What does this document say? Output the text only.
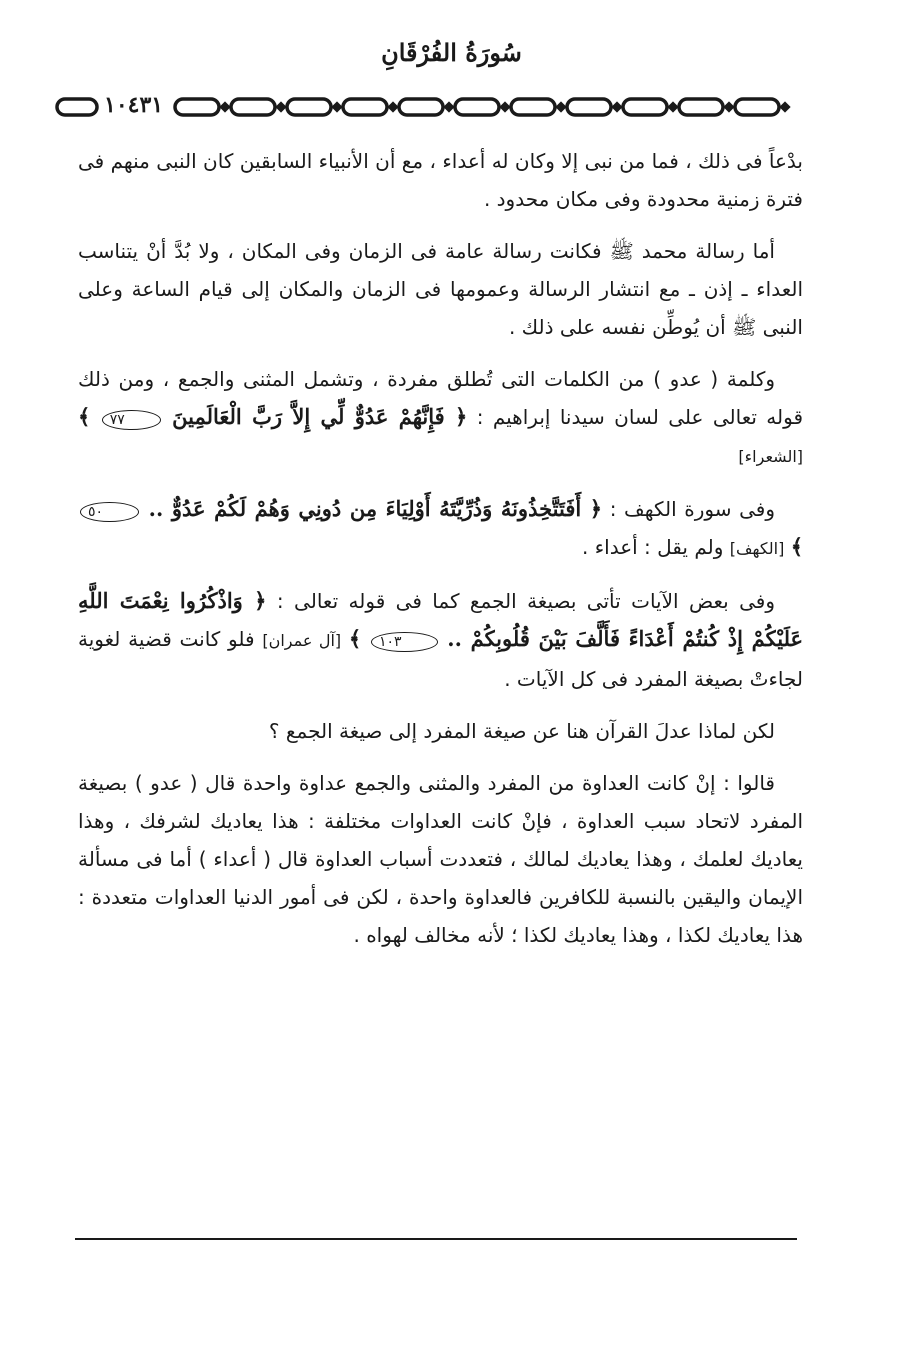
سُورَةُ الفُرْقَانِ
١٠٤٣١

بدْعاً فى ذلك ، فما من نبى إلا وكان له أعداء ، مع أن الأنبياء السابقين كان النبى منهم فى فترة زمنية محدودة وفى مكان محدود .

أما رسالة محمد ﷺ فكانت رسالة عامة فى الزمان وفى المكان ، ولا بُدَّ أنْ يتناسب العداء ـ إذن ـ مع انتشار الرسالة وعمومها فى الزمان والمكان إلى قيام الساعة وعلى النبى ﷺ أن يُوطِّن نفسه على ذلك .

وكلمة ( عدو ) من الكلمات التى تُطلق مفردة ، وتشمل المثنى والجمع ، ومن ذلك قوله تعالى على لسان سيدنا إبراهيم : ﴿ فَإِنَّهُمْ عَدُوٌّ لِّي إِلاَّ رَبَّ الْعَالَمِينَ ٧٧ ﴾ [الشعراء]

وفى سورة الكهف : ﴿ أَفَتَتَّخِذُونَهُ وَذُرِّيَّتَهُ أَوْلِيَاءَ مِن دُونِي وَهُمْ لَكُمْ عَدُوٌّ .. ٥٠ ﴾ [الكهف] ولم يقل : أعداء .

وفى بعض الآيات تأتى بصيغة الجمع كما فى قوله تعالى : ﴿ وَاذْكُرُوا نِعْمَتَ اللَّهِ عَلَيْكُمْ إِذْ كُنتُمْ أَعْدَاءً فَأَلَّفَ بَيْنَ قُلُوبِكُمْ .. ١٠٣ ﴾ [آل عمران] فلو كانت قضية لغوية لجاءتْ بصيغة المفرد فى كل الآيات .

لكن لماذا عدلَ القرآن هنا عن صيغة المفرد إلى صيغة الجمع ؟

قالوا : إنْ كانت العداوة من المفرد والمثنى والجمع عداوة واحدة قال ( عدو ) بصيغة المفرد لاتحاد سبب العداوة ، فإنْ كانت العداوات مختلفة : هذا يعاديك لشرفك ، وهذا يعاديك لعلمك ، وهذا يعاديك لمالك ، فتعددت أسباب العداوة قال ( أعداء ) أما فى مسألة الإيمان واليقين بالنسبة للكافرين فالعداوة واحدة ، لكن فى أمور الدنيا العداوات متعددة : هذا يعاديك لكذا ، وهذا يعاديك لكذا ؛ لأنه مخالف لهواه .
